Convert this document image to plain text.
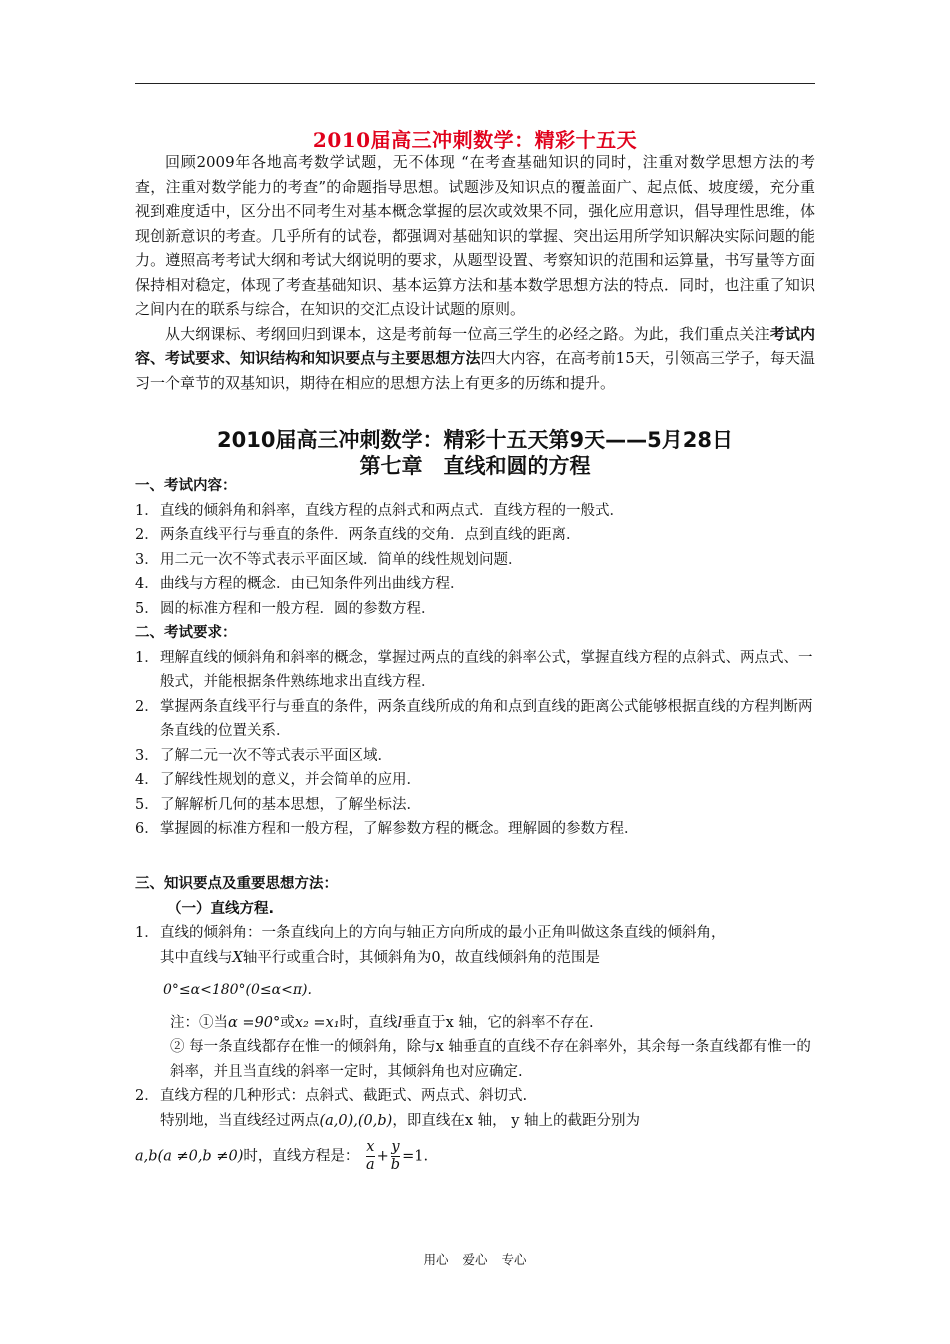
2010届高三冲刺数学：精彩十五天

回顾2009年各地高考数学试题，无不体现 “在考查基础知识的同时，注重对数学思想方法的考查，注重对数学能力的考查”的命题指导思想。试题涉及知识点的覆盖面广、起点低、坡度缓，充分重视到难度适中，区分出不同考生对基本概念掌握的层次或效果不同，强化应用意识，倡导理性思维，体现创新意识的考查。几乎所有的试卷，都强调对基础知识的掌握、突出运用所学知识解决实际问题的能力。遵照高考考试大纲和考试大纲说明的要求，从题型设置、考察知识的范围和运算量，书写量等方面保持相对稳定，体现了考查基础知识、基本运算方法和基本数学思想方法的特点．同时，也注重了知识之间内在的联系与综合，在知识的交汇点设计试题的原则。

从大纲课标、考纲回归到课本，这是考前每一位高三学生的必经之路。为此，我们重点关注考试内容、考试要求、知识结构和知识要点与主要思想方法四大内容，在高考前15天，引领高三学子，每天温习一个章节的双基知识，期待在相应的思想方法上有更多的历练和提升。

2010届高三冲刺数学：精彩十五天第9天——5月28日
第七章　直线和圆的方程
一、考试内容：
1． 直线的倾斜角和斜率，直线方程的点斜式和两点式．直线方程的一般式．
2． 两条直线平行与垂直的条件．两条直线的交角．点到直线的距离．
3． 用二元一次不等式表示平面区域．简单的线性规划问题．
4． 曲线与方程的概念．由已知条件列出曲线方程．
5． 圆的标准方程和一般方程．圆的参数方程．
二、考试要求：
1． 理解直线的倾斜角和斜率的概念，掌握过两点的直线的斜率公式，掌握直线方程的点斜式、两点式、一般式，并能根据条件熟练地求出直线方程．
2． 掌握两条直线平行与垂直的条件，两条直线所成的角和点到直线的距离公式能够根据直线的方程判断两条直线的位置关系．
3． 了解二元一次不等式表示平面区域．
4． 了解线性规划的意义，并会简单的应用．
5． 了解解析几何的基本思想，了解坐标法．
6． 掌握圆的标准方程和一般方程，了解参数方程的概念。理解圆的参数方程．
三、知识要点及重要思想方法：
（一）直线方程.
1． 直线的倾斜角：一条直线向上的方向与轴正方向所成的最小正角叫做这条直线的倾斜角，
其中直线与X轴平行或重合时，其倾斜角为0，故直线倾斜角的范围是
0°≤α<180°(0≤α<π).
注：①当α =90°或x₂ =x₁时，直线l垂直于x 轴，它的斜率不存在.
② 每一条直线都存在惟一的倾斜角，除与x 轴垂直的直线不存在斜率外，其余每一条直线都有惟一的斜率，并且当直线的斜率一定时，其倾斜角也对应确定.
2． 直线方程的几种形式：点斜式、截距式、两点式、斜切式.
特别地，当直线经过两点(a,0),(0,b)，即直线在x 轴， y 轴上的截距分别为
a,b(a ≠0,b ≠0)时，直线方程是： $\frac{x}{a} + \frac{y}{b} =1$.
用心 爱心 专心
